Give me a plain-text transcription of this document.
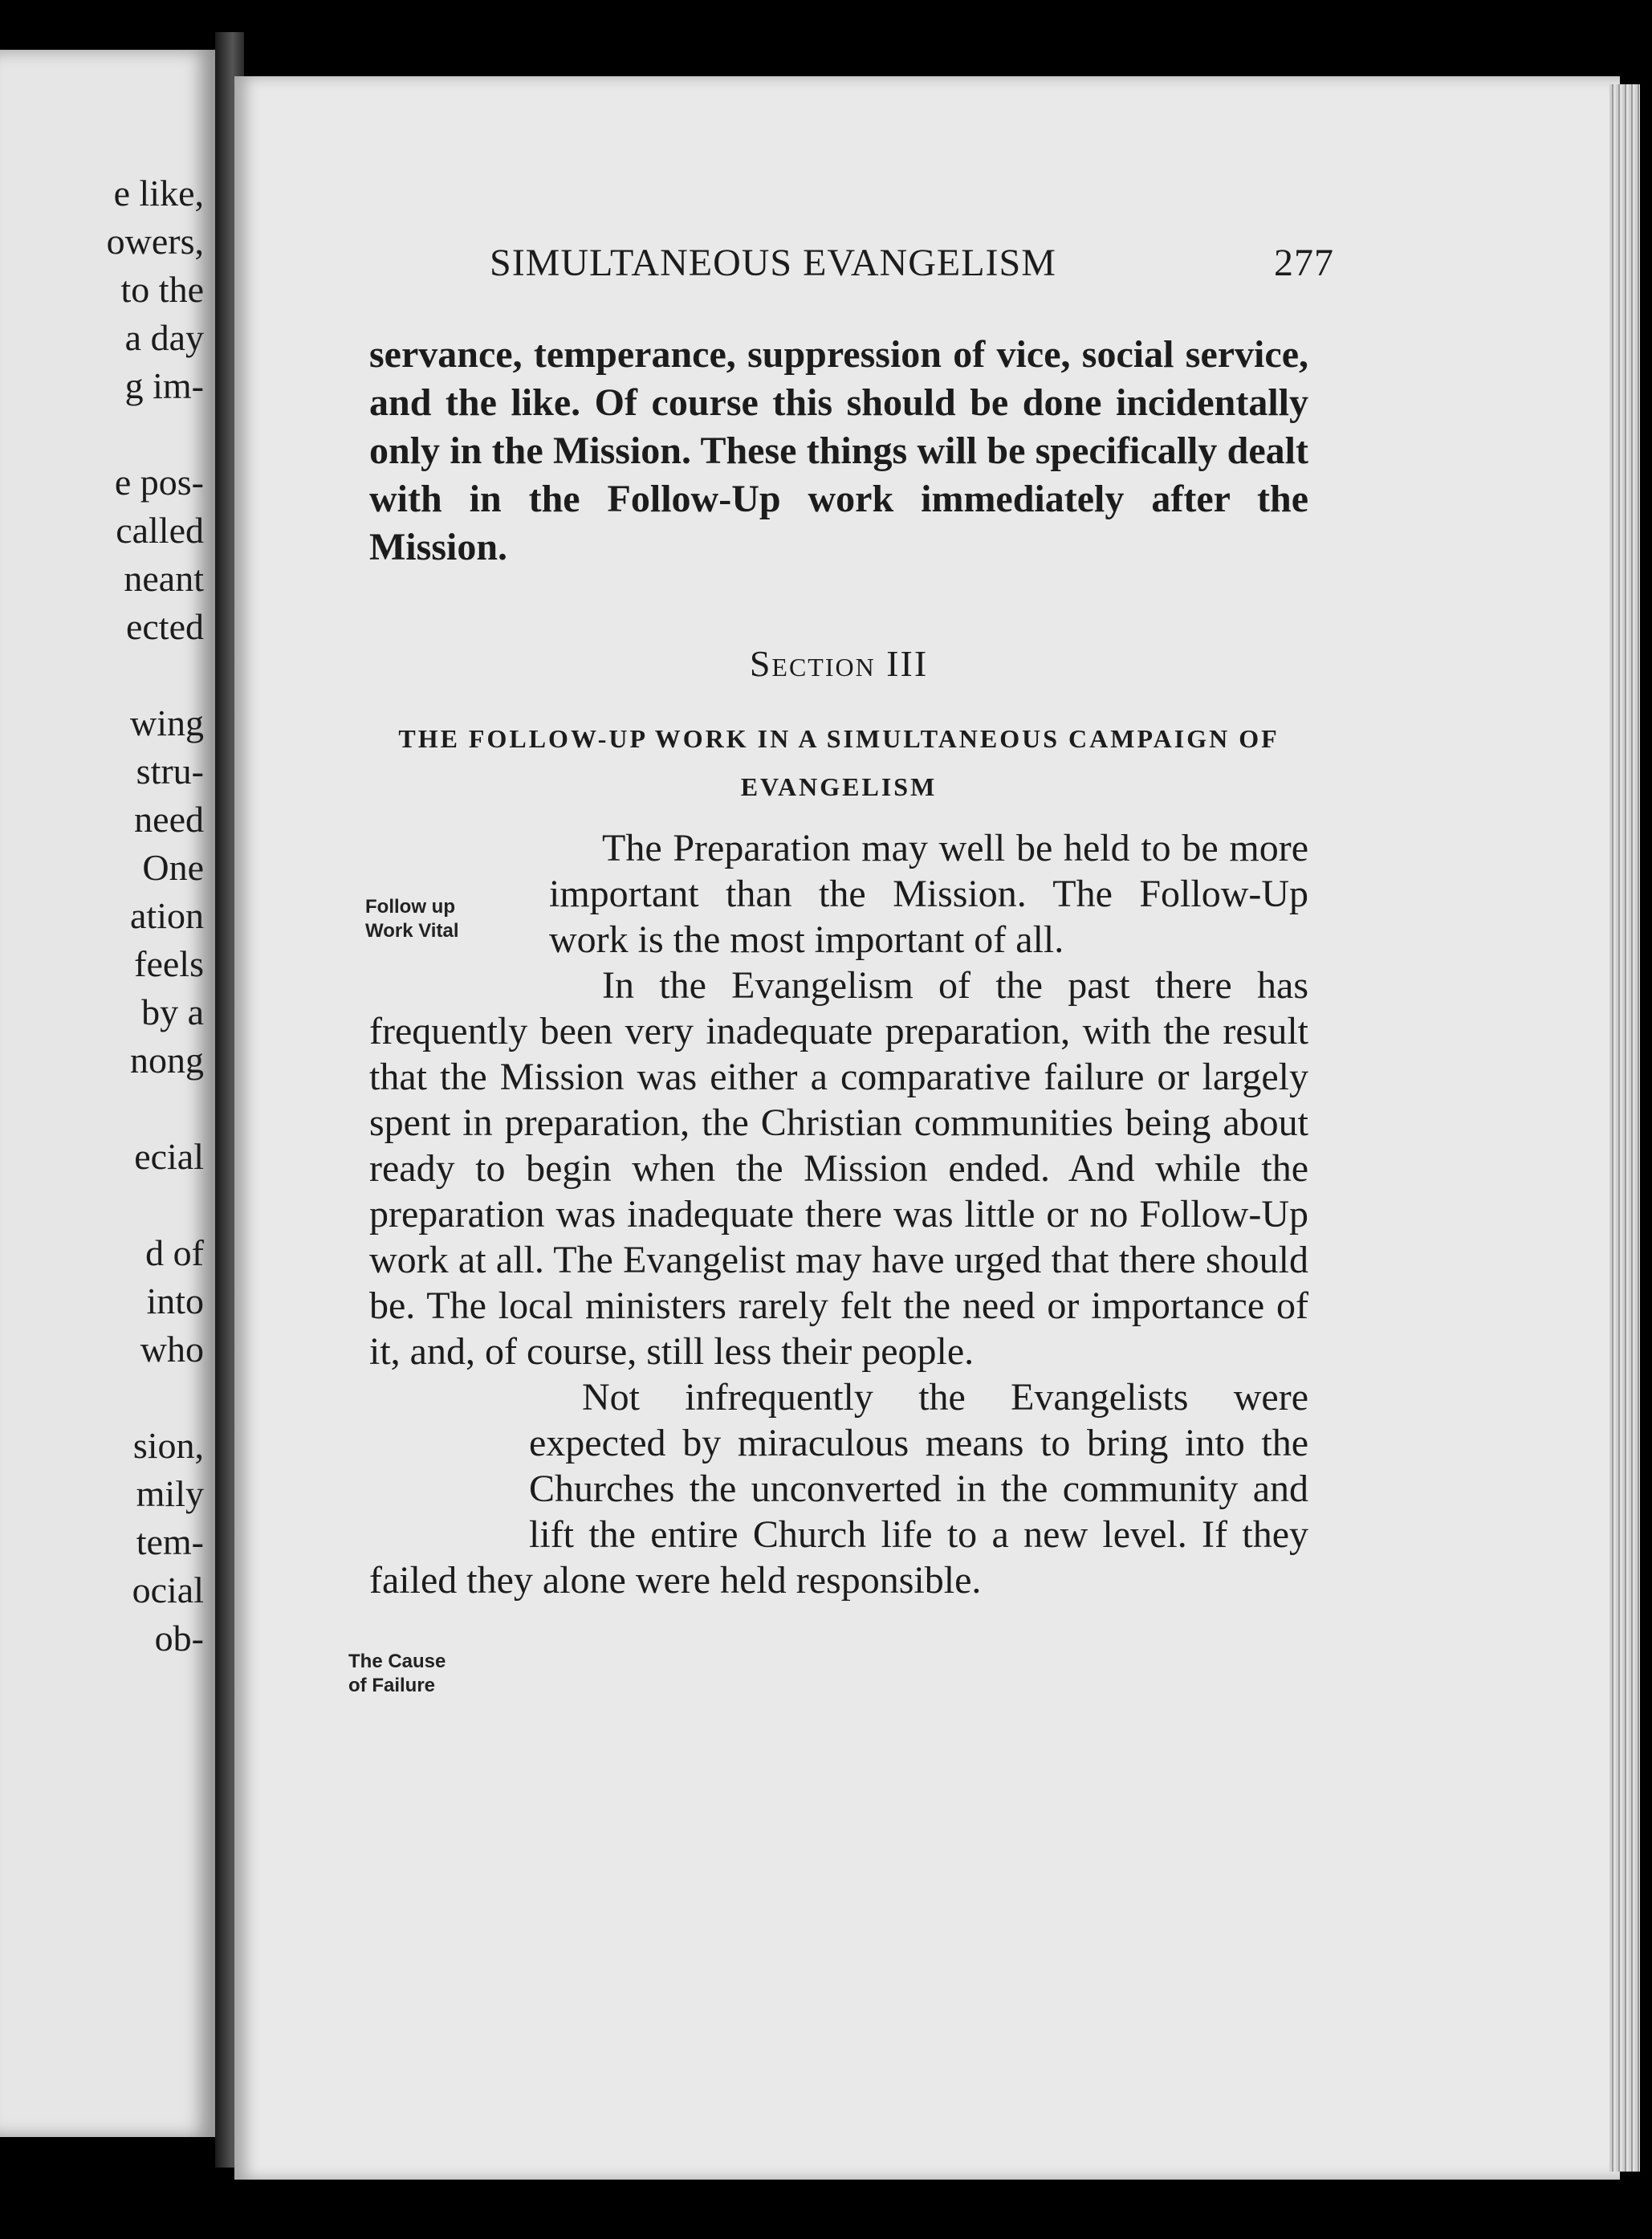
e like,

owers,

to the

a day

g im-

e pos-

called

neant

ected

wing

stru-

need

One

ation

feels

by a

nong

ecial

d of

into

who

sion,

mily

tem-

ocial

ob-

SIMULTANEOUS EVANGELISM	277

servance, temperance, suppression of vice, social service, and the like. Of course this should be done incidentally only in the Mission. These things will be specifically dealt with in the Follow-Up work immediately after the Mission.

Section III
THE FOLLOW-UP WORK IN A SIMULTANEOUS CAMPAIGN OF EVANGELISM
Follow up
Work Vital
The Cause
of Failure

The Preparation may well be held to be more important than the Mission. The Follow-Up work is the most important of all.

In the Evangelism of the past there has frequently been very inadequate preparation, with the result that the Mission was either a comparative failure or largely spent in preparation, the Christian communities being about ready to begin when the Mission ended. And while the preparation was inadequate there was little or no Follow-Up work at all. The Evangelist may have urged that there should be. The local ministers rarely felt the need or importance of it, and, of course, still less their people.

Not infrequently the Evangelists were expected by miraculous means to bring into the Churches the unconverted in the community and lift the entire Church life to a new level. If they failed they alone were held responsible.
